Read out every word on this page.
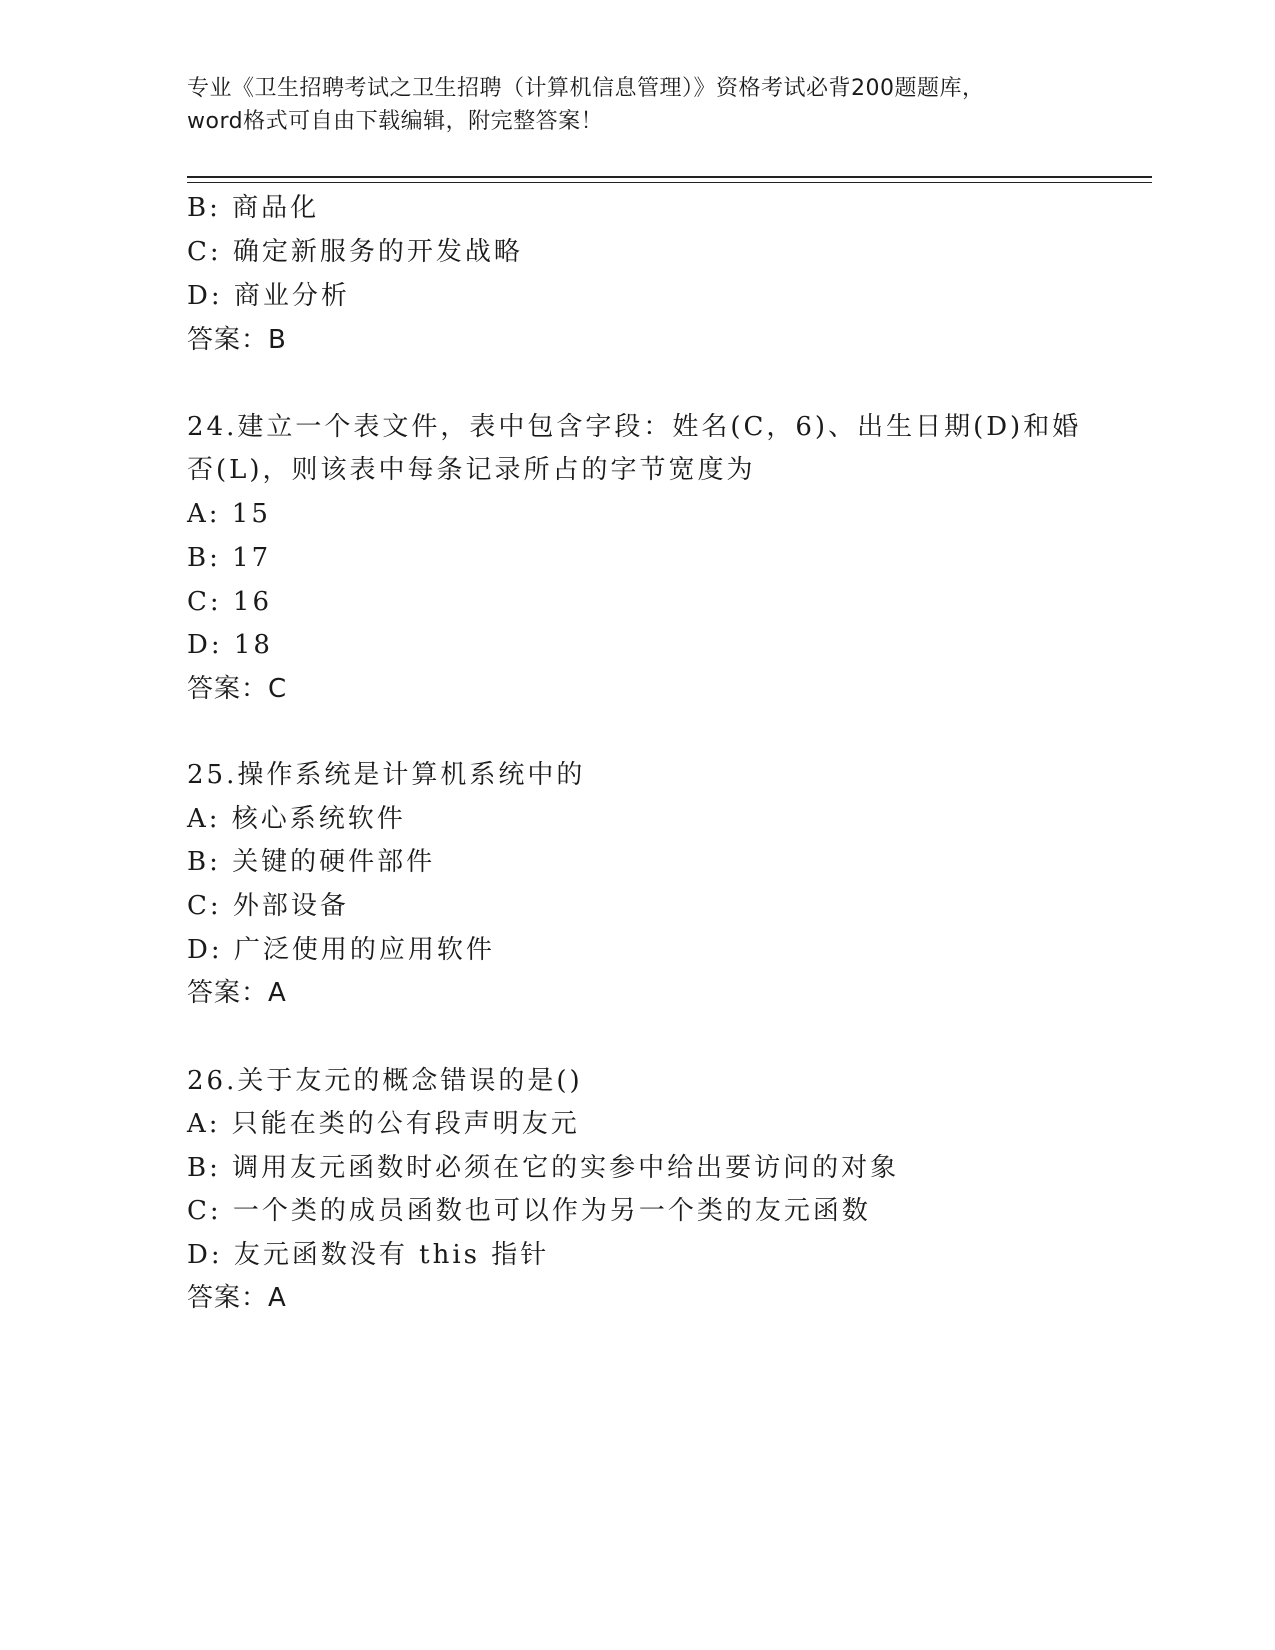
专业《卫生招聘考试之卫生招聘（计算机信息管理）》资格考试必背200题题库，
word格式可自由下载编辑，附完整答案！
B: 商品化
C: 确定新服务的开发战略
D: 商业分析
答案：B
24.建立一个表文件，表中包含字段：姓名(C，6)、出生日期(D)和婚
否(L)，则该表中每条记录所占的字节宽度为
A: 15
B: 17
C: 16
D: 18
答案：C
25.操作系统是计算机系统中的
A: 核心系统软件
B: 关键的硬件部件
C: 外部设备
D: 广泛使用的应用软件
答案：A
26.关于友元的概念错误的是()
A: 只能在类的公有段声明友元
B: 调用友元函数时必须在它的实参中给出要访问的对象
C: 一个类的成员函数也可以作为另一个类的友元函数
D: 友元函数没有 this 指针
答案：A
